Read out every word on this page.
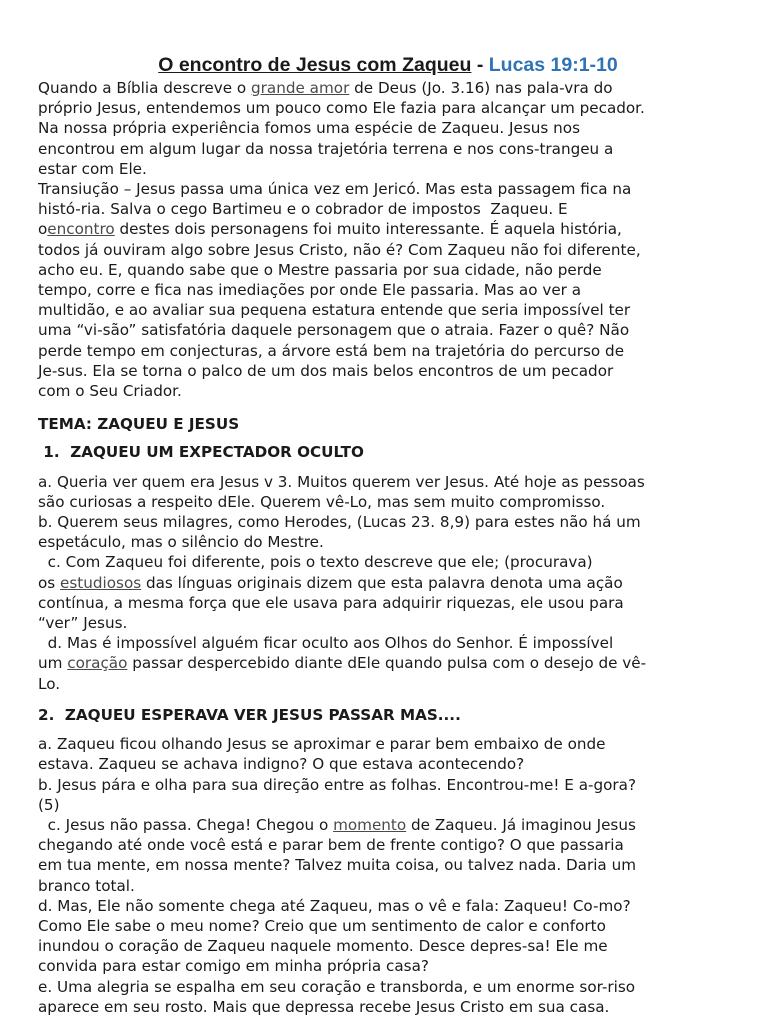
O encontro de Jesus com Zaqueu - Lucas 19:1-10

Quando a Bíblia descreve o grande amor de Deus (Jo. 3.16) nas pala-vra do

próprio Jesus, entendemos um pouco como Ele fazia para alcançar um pecador.

Na nossa própria experiência fomos uma espécie de Zaqueu. Jesus nos

encontrou em algum lugar da nossa trajetória terrena e nos cons-trangeu a

estar com Ele.

Transiução – Jesus passa uma única vez em Jericó. Mas esta passagem fica na

histó-ria. Salva o cego Bartimeu e o cobrador de impostos  Zaqueu. E

oencontro destes dois personagens foi muito interessante. É aquela história,

todos já ouviram algo sobre Jesus Cristo, não é? Com Zaqueu não foi diferente,

acho eu. E, quando sabe que o Mestre passaria por sua cidade, não perde

tempo, corre e fica nas imediações por onde Ele passaria. Mas ao ver a

multidão, e ao avaliar sua pequena estatura entende que seria impossível ter

uma “vi-são” satisfatória daquele personagem que o atraia. Fazer o quê? Não

perde tempo em conjecturas, a árvore está bem na trajetória do percurso de

Je-sus. Ela se torna o palco de um dos mais belos encontros de um pecador

com o Seu Criador.

TEMA: ZAQUEU E JESUS

1.  ZAQUEU UM EXPECTADOR OCULTO

a. Queria ver quem era Jesus v 3. Muitos querem ver Jesus. Até hoje as pessoas

são curiosas a respeito dEle. Querem vê-Lo, mas sem muito compromisso.

b. Querem seus milagres, como Herodes, (Lucas 23. 8,9) para estes não há um

espetáculo, mas o silêncio do Mestre.

c. Com Zaqueu foi diferente, pois o texto descreve que ele; (procurava)

os estudiosos das línguas originais dizem que esta palavra denota uma ação

contínua, a mesma força que ele usava para adquirir riquezas, ele usou para

“ver” Jesus.

d. Mas é impossível alguém ficar oculto aos Olhos do Senhor. É impossível

um coração passar despercebido diante dEle quando pulsa com o desejo de vê-

Lo.

2.  ZAQUEU ESPERAVA VER JESUS PASSAR MAS....

a. Zaqueu ficou olhando Jesus se aproximar e parar bem embaixo de onde

estava. Zaqueu se achava indigno? O que estava acontecendo?

b. Jesus pára e olha para sua direção entre as folhas. Encontrou-me! E a-gora?

(5)

c. Jesus não passa. Chega! Chegou o momento de Zaqueu. Já imaginou Jesus

chegando até onde você está e parar bem de frente contigo? O que passaria

em tua mente, em nossa mente? Talvez muita coisa, ou talvez nada. Daria um

branco total.

d. Mas, Ele não somente chega até Zaqueu, mas o vê e fala: Zaqueu! Co-mo?

Como Ele sabe o meu nome? Creio que um sentimento de calor e conforto

inundou o coração de Zaqueu naquele momento. Desce depres-sa! Ele me

convida para estar comigo em minha própria casa?

e. Uma alegria se espalha em seu coração e transborda, e um enorme sor-riso

aparece em seu rosto. Mais que depressa recebe Jesus Cristo em sua casa.
